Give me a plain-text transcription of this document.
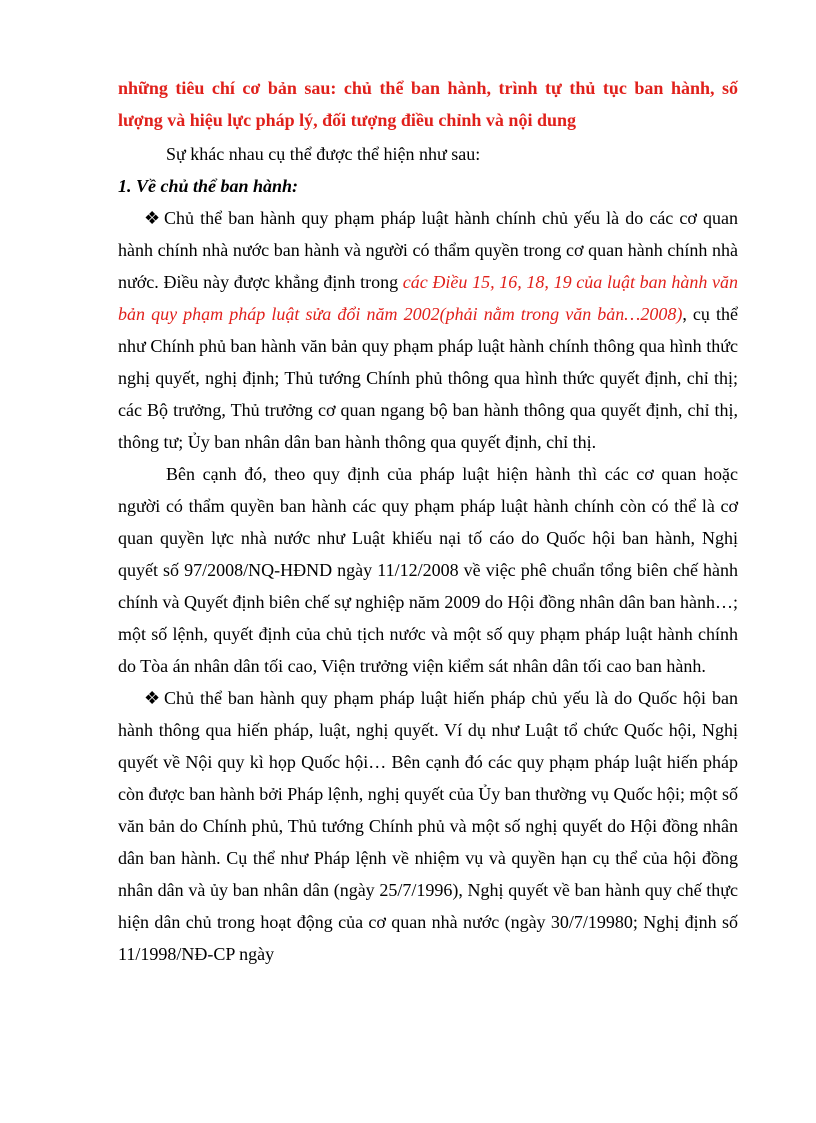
những tiêu chí cơ bản sau: chủ thể ban hành, trình tự thủ tục ban hành, số lượng và hiệu lực pháp lý, đối tượng điều chỉnh và nội dung

Sự khác nhau cụ thể được thể hiện như sau:

1. Về chủ thể ban hành:

❖ Chủ thể ban hành quy phạm pháp luật hành chính chủ yếu là do các cơ quan hành chính nhà nước ban hành và người có thẩm quyền trong cơ quan hành chính nhà nước. Điều này được khẳng định trong các Điều 15, 16, 18, 19 của luật ban hành văn bản quy phạm pháp luật sửa đổi năm 2002(phải nằm trong văn bản…2008), cụ thể như Chính phủ ban hành văn bản quy phạm pháp luật hành chính thông qua hình thức nghị quyết, nghị định; Thủ tướng Chính phủ thông qua hình thức quyết định, chỉ thị; các Bộ trưởng, Thủ trưởng cơ quan ngang bộ ban hành thông qua quyết định, chỉ thị, thông tư; Ủy ban nhân dân ban hành thông qua quyết định, chỉ thị.

Bên cạnh đó, theo quy định của pháp luật hiện hành thì các cơ quan hoặc người có thẩm quyền ban hành các quy phạm pháp luật hành chính còn có thể là cơ quan quyền lực nhà nước như Luật khiếu nại tố cáo do Quốc hội ban hành, Nghị quyết số 97/2008/NQ-HĐND ngày 11/12/2008 về việc phê chuẩn tổng biên chế hành chính và Quyết định biên chế sự nghiệp năm 2009 do Hội đồng nhân dân ban hành…; một số lệnh, quyết định của chủ tịch nước và một số quy phạm pháp luật hành chính do Tòa án nhân dân tối cao, Viện trưởng viện kiểm sát nhân dân tối cao ban hành.

❖ Chủ thể ban hành quy phạm pháp luật hiến pháp chủ yếu là do Quốc hội ban hành thông qua hiến pháp, luật, nghị quyết. Ví dụ như Luật tổ chức Quốc hội, Nghị quyết về Nội quy kì họp Quốc hội… Bên cạnh đó các quy phạm pháp luật hiến pháp còn được ban hành bởi Pháp lệnh, nghị quyết của Ủy ban thường vụ Quốc hội; một số văn bản do Chính phủ, Thủ tướng Chính phủ và một số nghị quyết do Hội đồng nhân dân ban hành. Cụ thể như Pháp lệnh về nhiệm vụ và quyền hạn cụ thể của hội đồng nhân dân và ủy ban nhân dân (ngày 25/7/1996), Nghị quyết về ban hành quy chế thực hiện dân chủ trong hoạt động của cơ quan nhà nước (ngày 30/7/19980; Nghị định số 11/1998/NĐ-CP ngày
